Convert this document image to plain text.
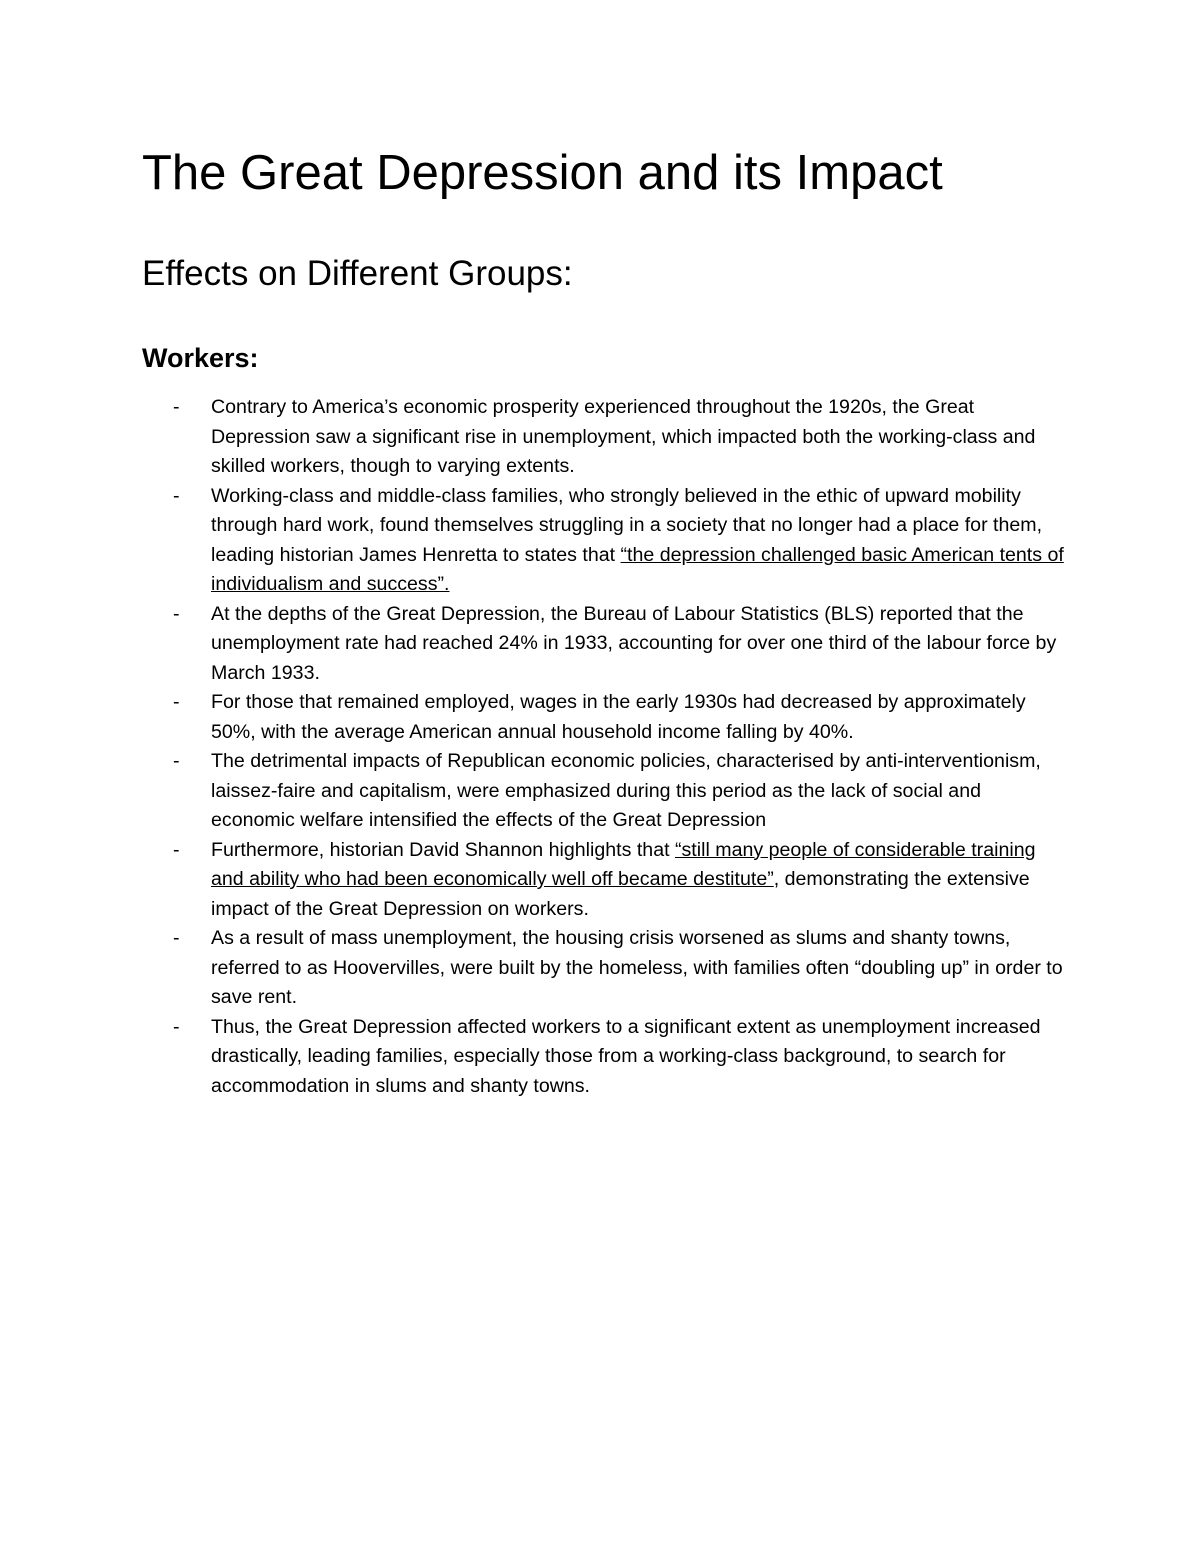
The Great Depression and its Impact
Effects on Different Groups:
Workers:
- Contrary to America’s economic prosperity experienced throughout the 1920s, the Great Depression saw a significant rise in unemployment, which impacted both the working-class and skilled workers, though to varying extents.
- Working-class and middle-class families, who strongly believed in the ethic of upward mobility through hard work, found themselves struggling in a society that no longer had a place for them, leading historian James Henretta to states that “the depression challenged basic American tents of individualism and success”.
- At the depths of the Great Depression, the Bureau of Labour Statistics (BLS) reported that the unemployment rate had reached 24% in 1933, accounting for over one third of the labour force by March 1933.
- For those that remained employed, wages in the early 1930s had decreased by approximately 50%, with the average American annual household income falling by 40%.
- The detrimental impacts of Republican economic policies, characterised by anti-interventionism, laissez-faire and capitalism, were emphasized during this period as the lack of social and economic welfare intensified the effects of the Great Depression
- Furthermore, historian David Shannon highlights that “still many people of considerable training and ability who had been economically well off became destitute”, demonstrating the extensive impact of the Great Depression on workers.
- As a result of mass unemployment, the housing crisis worsened as slums and shanty towns, referred to as Hoovervilles, were built by the homeless, with families often “doubling up” in order to save rent.
- Thus, the Great Depression affected workers to a significant extent as unemployment increased drastically, leading families, especially those from a working-class background, to search for accommodation in slums and shanty towns.
